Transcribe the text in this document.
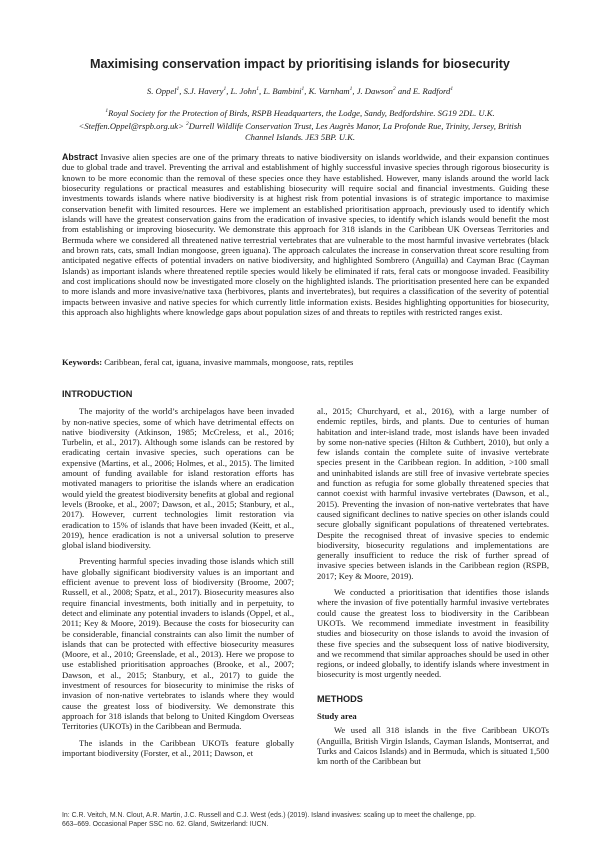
Maximising conservation impact by prioritising islands for biosecurity
S. Oppel$^1$, S.J. Havery$^1$, L. John$^1$, L. Bambini$^1$, K. Varnham$^1$, J. Dawson$^2$ and E. Radford$^1$
$^1$Royal Society for the Protection of Birds, RSPB Headquarters, the Lodge, Sandy, Bedfordshire. SG19 2DL. U.K. <Steffen.Oppel@rspb.org.uk> $^2$Durrell Wildlife Conservation Trust, Les Augrès Manor, La Profonde Rue, Trinity, Jersey, British Channel Islands. JE3 5BP. U.K.
Abstract Invasive alien species are one of the primary threats to native biodiversity on islands worldwide, and their expansion continues due to global trade and travel. Preventing the arrival and establishment of highly successful invasive species through rigorous biosecurity is known to be more economic than the removal of these species once they have established. However, many islands around the world lack biosecurity regulations or practical measures and establishing biosecurity will require social and financial investments. Guiding these investments towards islands where native biodiversity is at highest risk from potential invasions is of strategic importance to maximise conservation benefit with limited resources. Here we implement an established prioritisation approach, previously used to identify which islands will have the greatest conservation gains from the eradication of invasive species, to identify which islands would benefit the most from establishing or improving biosecurity. We demonstrate this approach for 318 islands in the Caribbean UK Overseas Territories and Bermuda where we considered all threatened native terrestrial vertebrates that are vulnerable to the most harmful invasive vertebrates (black and brown rats, cats, small Indian mongoose, green iguana). The approach calculates the increase in conservation threat score resulting from anticipated negative effects of potential invaders on native biodiversity, and highlighted Sombrero (Anguilla) and Cayman Brac (Cayman Islands) as important islands where threatened reptile species would likely be eliminated if rats, feral cats or mongoose invaded. Feasibility and cost implications should now be investigated more closely on the highlighted islands. The prioritisation presented here can be expanded to more islands and more invasive/native taxa (herbivores, plants and invertebrates), but requires a classification of the severity of potential impacts between invasive and native species for which currently little information exists. Besides highlighting opportunities for biosecurity, this approach also highlights where knowledge gaps about population sizes of and threats to reptiles with restricted ranges exist.
Keywords: Caribbean, feral cat, iguana, invasive mammals, mongoose, rats, reptiles
INTRODUCTION

The majority of the world’s archipelagos have been invaded by non-native species, some of which have detrimental effects on native biodiversity (Atkinson, 1985; McCreless, et al., 2016; Turbelin, et al., 2017). Although some islands can be restored by eradicating certain invasive species, such operations can be expensive (Martins, et al., 2006; Holmes, et al., 2015). The limited amount of funding available for island restoration efforts has motivated managers to prioritise the islands where an eradication would yield the greatest biodiversity benefits at global and regional levels (Brooke, et al., 2007; Dawson, et al., 2015; Stanbury, et al., 2017). However, current technologies limit restoration via eradication to 15% of islands that have been invaded (Keitt, et al., 2019), hence eradication is not a universal solution to preserve global island biodiversity.

Preventing harmful species invading those islands which still have globally significant biodiversity values is an important and efficient avenue to prevent loss of biodiversity (Broome, 2007; Russell, et al., 2008; Spatz, et al., 2017). Biosecurity measures also require financial investments, both initially and in perpetuity, to detect and eliminate any potential invaders to islands (Oppel, et al., 2011; Key & Moore, 2019). Because the costs for biosecurity can be considerable, financial constraints can also limit the number of islands that can be protected with effective biosecurity measures (Moore, et al., 2010; Greenslade, et al., 2013). Here we propose to use established prioritisation approaches (Brooke, et al., 2007; Dawson, et al., 2015; Stanbury, et al., 2017) to guide the investment of resources for biosecurity to minimise the risks of invasion of non-native vertebrates to islands where they would cause the greatest loss of biodiversity. We demonstrate this approach for 318 islands that belong to United Kingdom Overseas Territories (UKOTs) in the Caribbean and Bermuda.

The islands in the Caribbean UKOTs feature globally important biodiversity (Forster, et al., 2011; Dawson, et

al., 2015; Churchyard, et al., 2016), with a large number of endemic reptiles, birds, and plants. Due to centuries of human habitation and inter-island trade, most islands have been invaded by some non-native species (Hilton & Cuthbert, 2010), but only a few islands contain the complete suite of invasive vertebrate species present in the Caribbean region. In addition, >100 small and uninhabited islands are still free of invasive vertebrate species and function as refugia for some globally threatened species that cannot coexist with harmful invasive vertebrates (Dawson, et al., 2015). Preventing the invasion of non-native vertebrates that have caused significant declines to native species on other islands could secure globally significant populations of threatened vertebrates. Despite the recognised threat of invasive species to endemic biodiversity, biosecurity regulations and implementations are generally insufficient to reduce the risk of further spread of invasive species between islands in the Caribbean region (RSPB, 2017; Key & Moore, 2019).

We conducted a prioritisation that identifies those islands where the invasion of five potentially harmful invasive vertebrates could cause the greatest loss to biodiversity in the Caribbean UKOTs. We recommend immediate investment in feasibility studies and biosecurity on those islands to avoid the invasion of these five species and the subsequent loss of native biodiversity, and we recommend that similar approaches should be used in other regions, or indeed globally, to identify islands where investment in biosecurity is most urgently needed.

METHODS
Study area

We used all 318 islands in the five Caribbean UKOTs (Anguilla, British Virgin Islands, Cayman Islands, Montserrat, and Turks and Caicos Islands) and in Bermuda, which is situated 1,500 km north of the Caribbean but

In: C.R. Veitch, M.N. Clout, A.R. Martin, J.C. Russell and C.J. West (eds.) (2019). Island invasives: scaling up to meet the challenge, pp. 663–669. Occasional Paper SSC no. 62. Gland, Switzerland: IUCN.
